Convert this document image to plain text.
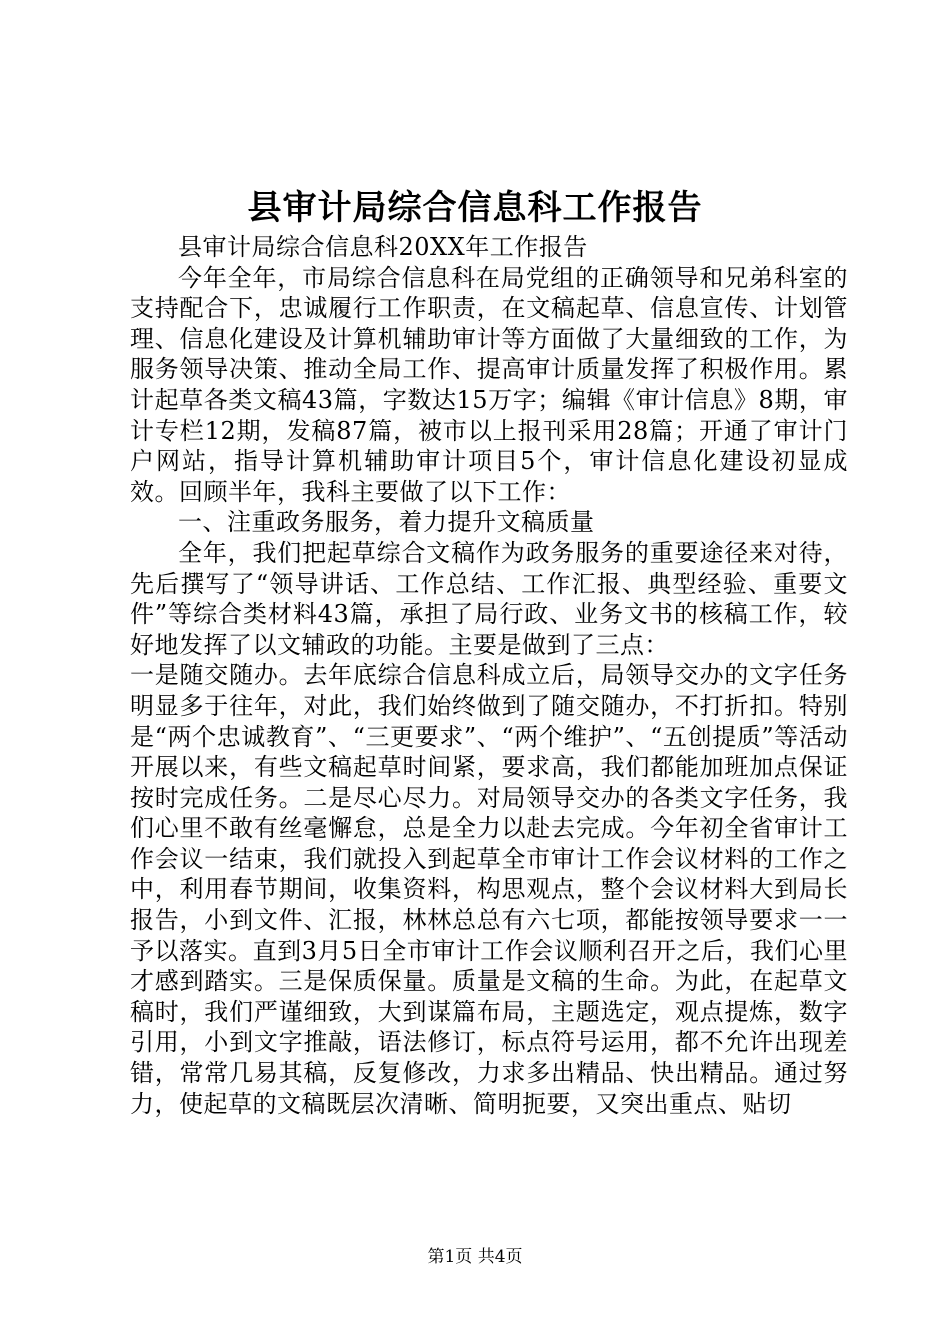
县审计局综合信息科工作报告

县审计局综合信息科20XX年工作报告

今年全年，市局综合信息科在局党组的正确领导和兄弟科室的支持配合下，忠诚履行工作职责，在文稿起草、信息宣传、计划管理、信息化建设及计算机辅助审计等方面做了大量细致的工作，为服务领导决策、推动全局工作、提高审计质量发挥了积极作用。累计起草各类文稿43篇，字数达15万字；编辑《审计信息》8期，审计专栏12期，发稿87篇，被市以上报刊采用28篇；开通了审计门户网站，指导计算机辅助审计项目5个，审计信息化建设初显成效。回顾半年，我科主要做了以下工作：

一、注重政务服务，着力提升文稿质量

全年，我们把起草综合文稿作为政务服务的重要途径来对待，先后撰写了“领导讲话、工作总结、工作汇报、典型经验、重要文件”等综合类材料43篇，承担了局行政、业务文书的核稿工作，较好地发挥了以文辅政的功能。主要是做到了三点：

一是随交随办。去年底综合信息科成立后，局领导交办的文字任务明显多于往年，对此，我们始终做到了随交随办，不打折扣。特别是“两个忠诚教育”、“三更要求”、“两个维护”、“五创提质”等活动开展以来，有些文稿起草时间紧，要求高，我们都能加班加点保证按时完成任务。二是尽心尽力。对局领导交办的各类文字任务，我们心里不敢有丝毫懈怠，总是全力以赴去完成。今年初全省审计工作会议一结束，我们就投入到起草全市审计工作会议材料的工作之中，利用春节期间，收集资料，构思观点，整个会议材料大到局长报告，小到文件、汇报，林林总总有六七项，都能按领导要求一一予以落实。直到3月5日全市审计工作会议顺利召开之后，我们心里才感到踏实。三是保质保量。质量是文稿的生命。为此，在起草文稿时，我们严谨细致，大到谋篇布局，主题选定，观点提炼，数字引用，小到文字推敲，语法修订，标点符号运用，都不允许出现差错，常常几易其稿，反复修改，力求多出精品、快出精品。通过努力，使起草的文稿既层次清晰、简明扼要，又突出重点、贴切

第1页 共4页
